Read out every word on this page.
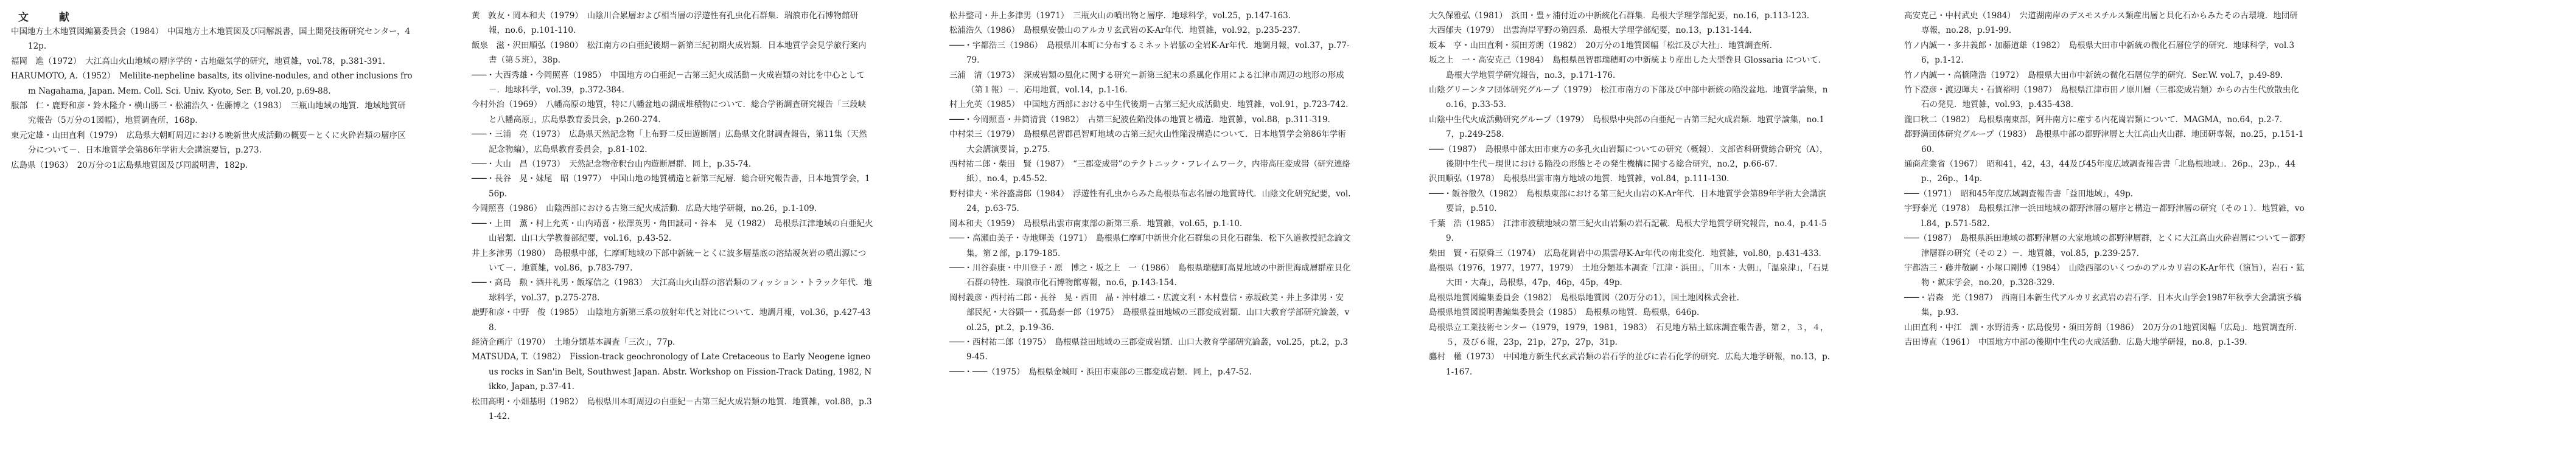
文 献

中国地方土木地質図編纂委員会（1984）　中国地方土木地質図及び同解説書，国土開発技術研究センター，412p.

福岡　進（1972）　大江高山火山地域の層序学的・古地磁気学的研究，地質雑，vol.78，p.381-391.

HARUMOTO, A.（1952）　Melilite-nepheline basalts, its olivine-nodules, and other inclusions from Nagahama, Japan. Mem. Coll. Sci. Univ. Kyoto, Ser. B, vol.20, p.69-88.

服部　仁・鹿野和彦・鈴木隆介・横山勝三・松浦浩久・佐藤博之（1983）　三瓶山地域の地質．地域地質研究報告（5万分の1図幅），地質調査所，168p.

東元定雄・山田直利（1979）　広島県大朝町周辺における晩新世火成活動の概要－とくに火砕岩類の層序区分について－．日本地質学会第86年学術大会講演要旨，p.273.

広島県（1963）　20万分の1広島県地質図及び同説明書，182p.

黄　敦友・岡本和夫（1979）　山陰川合累層および相当層の浮遊性有孔虫化石群集．瑞浪市化石博物館研報，no.6，p.101-110.

飯泉　滋・沢田順弘（1980）　松江南方の白亜紀後期－新第三紀初期火成岩類．日本地質学会見学旅行案内書（第５班），38p.

───・大西秀雄・今岡照喜（1985）　中国地方の白亜紀－古第三紀火成活動－火成岩類の対比を中心として－．地球科学，vol.39，p.372-384.

今村外治（1969）　八幡高原の地質，特に八幡盆地の湖成堆積物について．総合学術調査研究報告「三段峡と八幡高原」，広島県教育委員会，p.260-274.

───・三浦　亮（1973）　広島県天然記念物「上布野二反田遊断層」広島県文化財調査報告，第11集（天然記念物編），広島県教育委員会，p.81-102.

───・大山　昌（1973）　天然記念物帝釈台山内遊断層群．同上，p.35-74.

───・長谷　晃・妹尾　昭（1977）　中国山地の地質構造と新第三紀層．総合研究報告書，日本地質学会，156p.

今岡照喜（1986）　山陰西部における古第三紀火成活動．広島大地学研報，no.26，p.1-109.

───・上田　薫・村上允英・山内靖喜・松澤英男・角田誠司・谷本　晃（1982）　島根県江津地域の白亜紀火山岩類．山口大学教養部紀要，vol.16，p.43-52.

井上多津男（1980）　島根県中部，仁摩町地域の下部中新統－とくに波多層基底の溶結凝灰岩の噴出源について－．地質雑，vol.86，p.783-797.

───・高島　勲・酒井礼男・飯塚信之（1983）　大江高山火山群の溶岩類のフィッション・トラック年代．地球科学，vol.37，p.275-278.

鹿野和彦・中野　俊（1985）　山陰地方新第三系の放射年代と対比について．地調月報，vol.36，p.427-438.

経済企画庁（1970）　土地分類基本調査「三次」，77p.

MATSUDA, T.（1982）　Fission-track geochronology of Late Cretaceous to Early Neogene igneous rocks in San'in Belt, Southwest Japan. Abstr. Workshop on Fission-Track Dating, 1982, Nikko, Japan, p.37-41.

松田高明・小畑基明（1982）　島根県川本町周辺の白亜紀－古第三紀火成岩類の地質．地質雑，vol.88，p.31-42.

松井整司・井上多津男（1971）　三瓶火山の噴出物と層序．地球科学，vol.25，p.147-163.

松浦浩久（1986）　島根県安曇山のアルカリ玄武岩のK-Ar年代．地質雑，vol.92，p.235-237.

───・宇都浩三（1986）　島根県川本町に分布するミネット岩脈の全岩K-Ar年代．地調月報，vol.37，p.77-79.

三浦　清（1973）　深成岩類の風化に関する研究－新第三紀末の系風化作用による江津市周辺の地形の形成（第１報）－．応用地質，vol.14，p.1-16.

村上允英（1985）　中国地方西部における中生代後期－古第三紀火成活動史．地質雑，vol.91，p.723-742.

───・今岡照喜・井筒清貴（1982）　古第三紀波佐陥没体の地質と構造．地質雑，vol.88，p.311-319.

中村栄三（1979）　島根県邑智郡邑智町地域の古第三紀火山性陥没構造について．日本地質学会第86年学術大会講演要旨，p.275.

西村祐二郎・柴田　賢（1987）　“三郡変成帯”のテクトニック・フレイムワーク，内帯高圧変成帯（研究連絡紙），no.4，p.45-52.

野村律夫・米谷盛壽郎（1984）　浮遊性有孔虫からみた島根県布志名層の地質時代．山陰文化研究紀要，vol.24，p.63-75.

岡本和夫（1959）　島根県出雲市南東部の新第三系．地質雑，vol.65，p.1-10.

───・高瀬由美子・寺地輝美（1971）　島根県仁摩町中新世介化石群集の貝化石群集．松下久道教授記念論文集，第２部，p.179-185.

───・川谷泰康・中川登子・原　博之・坂之上　一（1986）　島根県瑞穂町高見地域の中新世海成層群産貝化石群の特性．瑞浪市化石博物館専報，no.6，p.143-154.

岡村義彦・西村祐二郎・長谷　晃・西田　晶・沖村雄二・広渡文利・木村豊信・赤坂政美・井上多津男・安部民紀・大谷顕一・孤島泰一郎（1975）　島根県益田地域の三郡変成岩類．山口大教育学部研究論叢，vol.25，pt.2，p.19-36.

───・西村祐二郎（1975）　島根県益田地域の三郡変成岩類．山口大教育学部研究論叢，vol.25，pt.2，p.39-45.

───・───（1975）　島根県金城町・浜田市東部の三郡変成岩類．同上，p.47-52.

大久保雅弘（1981）　浜田・豊ヶ浦付近の中新統化石群集．島根大学理学部紀要，no.16，p.113-123.

大西郁夫（1979）　出雲海岸平野の第四系．島根大学理学部紀要，no.13，p.131-144.

坂本　亨・山田直利・須田芳朗（1982）　20万分の1地質図幅「松江及び大社」．地質調査所.

坂之上　一・高安克己（1984）　島根県邑智郡瑞穂町の中新統より産出した大型巻貝 Glossaria について．島根大学地質学研究報告，no.3，p.171-176.

山陰グリーンタフ団体研究グループ（1979）　松江市南方の下部及び中部中新統の陥没盆地．地質学論集，no.16，p.33-53.

山陰中生代火成活動研究グループ（1979）　島根県中央部の白亜紀－古第三紀火成岩類．地質学論集，no.17，p.249-258.

───（1987）　島根県中部太田市東方の多孔火山岩類についての研究（概報）．文部省科研費総合研究（A），後期中生代－現世における陥没の形態とその発生機構に関する総合研究，no.2，p.66-67.

沢田順弘（1978）　島根県出雲市南方地域の地質．地質雑，vol.84，p.111-130.

───・飯谷徹久（1982）　島根県東部における第三紀火山岩のK-Ar年代．日本地質学会第89年学術大会講演要旨，p.510.

千葉　浩（1985）　江津市波積地域の第三紀火山岩類の岩石記載．島根大学地質学研究報告，no.4，p.41-59.

柴田　賢・石原舜三（1974）　広島花崗岩中の黒雲母K-Ar年代の南北変化．地質雑，vol.80，p.431-433.

島根県（1976，1977，1977，1979）　土地分類基本調査「江津・浜田」，「川本・大朝」，「温泉津」，「石見大田・大森」，島根県，47p，46p，45p，49p.

島根県地質図編集委員会（1982）　島根県地質図（20万分の1），国土地図株式会社.

島根県地質図説明書編集委員会（1985）　島根県の地質．島根県，646p.

島根県立工業技術センター（1979，1979，1981，1983）　石見地方粘土鉱床調査報告書，第２，３，４，５，及び６報，23p，21p，27p，27p，31p.

鷹村　權（1973）　中国地方新生代玄武岩類の岩石学的並びに岩石化学的研究．広島大地学研報，no.13，p.1-167.

高安克己・中村武史（1984）　宍道湖南岸のデスモスチルス類産出層と貝化石からみたその古環境．地団研専報，no.28，p.91-99.

竹ノ内誠一・多井義郎・加藤道雄（1982）　島根県大田市中新統の微化石層位学的研究．地球科学，vol.36，p.1-12.

竹ノ内誠一・高橋隆浩（1972）　島根県大田市中新統の微化石層位学的研究．Ser.W. vol.7，p.49-89.

竹下澄彦・渡辺暉夫・石賀裕明（1987）　島根県江津市田ノ原川層（三郡変成岩類）からの古生代放散虫化石の発見．地質雑，vol.93，p.435-438.

瀧口秋二（1982）　島根県南東部，阿井南方に産する内花崗岩類について．MAGMA，no.64，p.2-7.

都野満団体研究グループ（1983）　島根県中部の都野津層と大江高山火山群．地団研専報，no.25，p.151-160.

通商産業省（1967）　昭和41，42，43，44及び45年度広域調査報告書「北島根地域」．26p.，23p.，44p.，26p.，14p.

───（1971）　昭和45年度広域調査報告書「益田地域」，49p.

宇野泰光（1978）　島根県江津一浜田地域の都野津層の層序と構造－都野津層の研究（その１）．地質雑，vol.84，p.571-582.

───（1987）　島根県浜田地域の都野津層の大家地域の都野津層群，とくに大江高山火砕岩層について－都野津層群の研究（その２）－．地質雑，vol.85，p.239-257.

宇都浩三・藤井敬嗣・小塚口剛博（1984）　山陰西部のいくつかのアルカリ岩のK-Ar年代（演旨），岩石・鉱物・鉱床学会，no.20，p.328-329.

───・岩森　光（1987）　西南日本新生代アルカリ玄武岩の岩石学．日本火山学会1987年秋季大会講演予稿集，p.93.

山田直利・中江　訓・水野清秀・広島俊男・須田芳朗（1986）　20万分の1地質図幅「広島」．地質調査所.

吉田博直（1961）　中国地方中部の後期中生代の火成活動．広島大地学研報，no.8，p.1-39.
